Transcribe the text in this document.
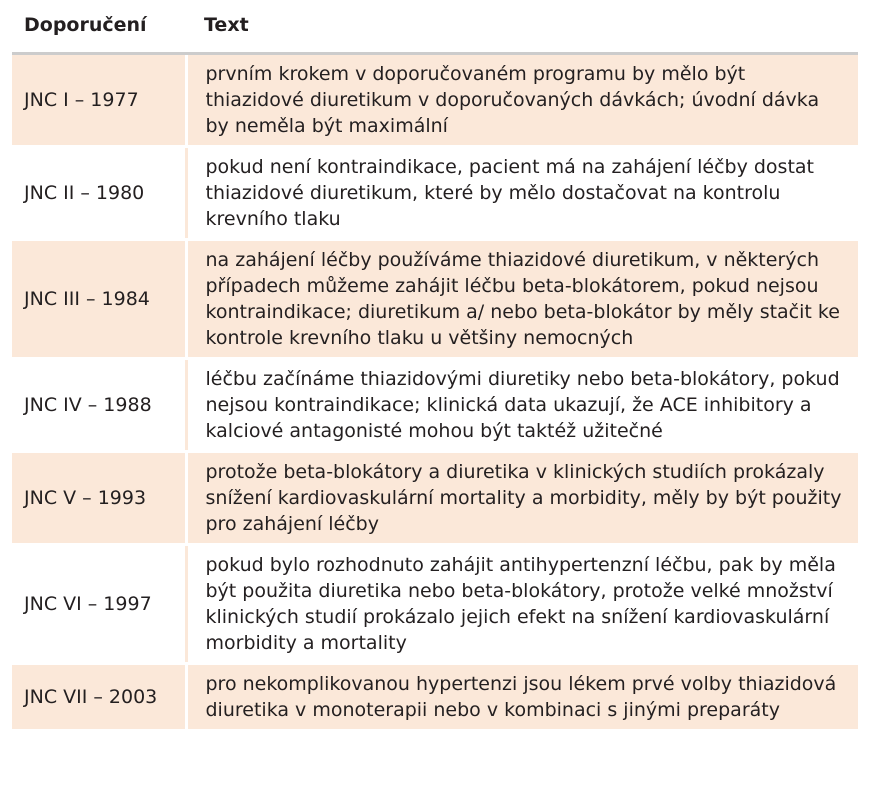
Doporučení	Text
JNC I – 1977	prvním krokem v doporučovaném programu by mělo být thiazidové diuretikum v doporučovaných dávkách; úvodní dávka by neměla být maximální
JNC II – 1980	pokud není kontraindikace, pacient má na zahájení léčby dostat thiazidové diuretikum, které by mělo dostačovat na kontrolu krevního tlaku
JNC III – 1984	na zahájení léčby používáme thiazidové diuretikum, v některých případech můžeme zahájit léčbu beta-blokátorem, pokud nejsou kontraindikace; diuretikum a/ nebo beta-blokátor by měly stačit ke kontrole krevního tlaku u většiny nemocných
JNC IV – 1988	léčbu začínáme thiazidovými diuretiky nebo beta-blokátory, pokud nejsou kontraindikace; klinická data ukazují, že ACE inhibitory a kalciové antagonisté mohou být taktéž užitečné
JNC V – 1993	protože beta-blokátory a diuretika v klinických studiích prokázaly snížení kardiovaskulární mortality a morbidity, měly by být použity pro zahájení léčby
JNC VI – 1997	pokud bylo rozhodnuto zahájit antihypertenzní léčbu, pak by měla být použita diuretika nebo beta-blokátory, protože velké množství klinických studií prokázalo jejich efekt na snížení kardiovaskulární morbidity a mortality
JNC VII – 2003	pro nekomplikovanou hypertenzi jsou lékem prvé volby thiazidová diuretika v monoterapii nebo v kombinaci s jinými preparáty
